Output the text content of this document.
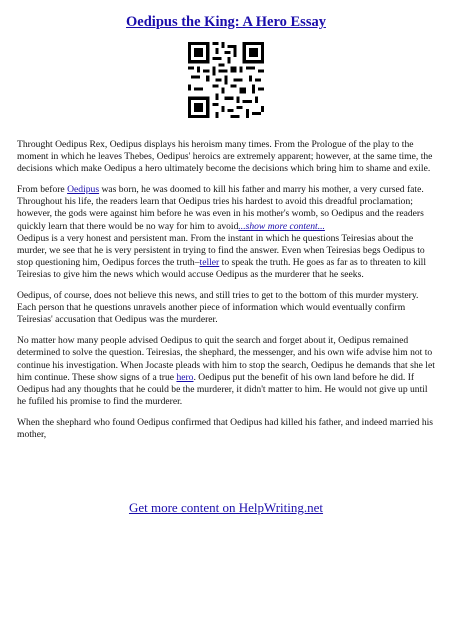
Oedipus the King: A Hero Essay

Throught Oedipus Rex, Oedipus displays his heroism many times. From the Prologue of the play to the moment in which he leaves Thebes, Oedipus' heroics are extremely apparent; however, at the same time, the decisions which make Oedipus a hero ultimately become the decisions which bring him to shame and exile.

From before Oedipus was born, he was doomed to kill his father and marry his mother, a very cursed fate. Throughout his life, the readers learn that Oedipus tries his hardest to avoid this dreadful proclamation; however, the gods were against him before he was even in his mother's womb, so Oedipus and the readers quickly learn that there would be no way for him to avoid...show more content...

Oedipus is a very honest and persistent man. From the instant in which he questions Teiresias about the murder, we see that he is very persistent in trying to find the answer. Even when Teiresias begs Oedipus to stop questioning him, Oedipus forces the truth–teller to speak the truth. He goes as far as to threaten to kill Teiresias to give him the news which would accuse Oedipus as the murderer that he seeks.

Oedipus, of course, does not believe this news, and still tries to get to the bottom of this murder mystery. Each person that he questions unravels another piece of information which would eventually confirm Teiresias' accusation that Oedipus was the murderer.

No matter how many people advised Oedipus to quit the search and forget about it, Oedipus remained determined to solve the question. Teiresias, the shephard, the messenger, and his own wife advise him not to continue his investigation. When Jocaste pleads with him to stop the search, Oedipus he demands that she let him continue. These show signs of a true hero. Oedipus put the benefit of his own land before he did. If Oedipus had any thoughts that he could be the murderer, it didn't matter to him. He would not give up until he fufiled his promise to find the murderer.

When the shephard who found Oedipus confirmed that Oedipus had killed his father, and indeed married his mother,

Get more content on HelpWriting.net
